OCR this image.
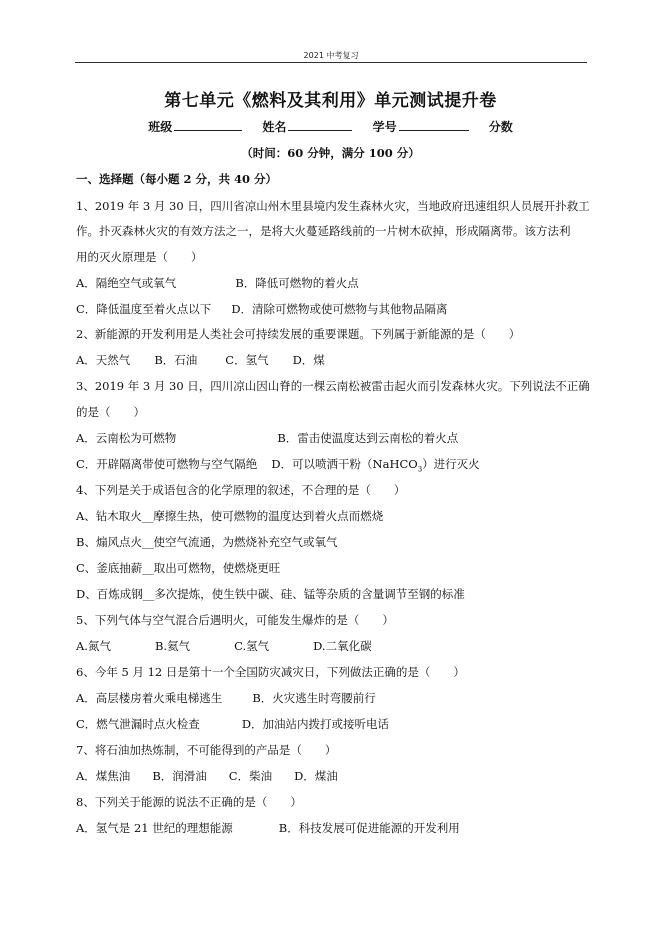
2021 中考复习
第七单元《燃料及其利用》单元测试提升卷
班级	姓名	学号	分数
（时间：60 分钟，满分 100 分）
一、选择题（每小题 2 分，共 40 分）
1、2019 年 3 月 30 日，四川省凉山州木里县境内发生森林火灾，当地政府迅速组织人员展开扑救工
作。扑灭森林火灾的有效方法之一，是将大火蔓延路线前的一片树木砍掉，形成隔离带。该方法利
用的灭火原理是（　　）
A．隔绝空气或氧气	B．降低可燃物的着火点
C．降低温度至着火点以下 D．清除可燃物或使可燃物与其他物品隔离
2、新能源的开发利用是人类社会可持续发展的重要课题。下列属于新能源的是（　　）
A．天然气 B．石油 C．氢气 D．煤
3、2019 年 3 月 30 日，四川凉山因山脊的一棵云南松被雷击起火而引发森林火灾。下列说法不正确
的是（　　）
A．云南松为可燃物	B．雷击使温度达到云南松的着火点
C．开辟隔离带使可燃物与空气隔绝 D．可以喷洒干粉（NaHCO$_3$）进行灭火
4、下列是关于成语包含的化学原理的叙述，不合理的是（　　）
A、钻木取火__摩擦生热，使可燃物的温度达到着火点而燃烧
B、煽风点火__使空气流通，为燃烧补充空气或氧气
C、釜底抽薪__取出可燃物，使燃烧更旺
D、百炼成钢__多次提炼，使生铁中碳、硅、锰等杂质的含量调节至钢的标准
5、下列气体与空气混合后遇明火，可能发生爆炸的是（　　）
A.氮气	B.氦气	C.氢气	D.二氧化碳
6、今年 5 月 12 日是第十一个全国防灾减灾日，下列做法正确的是（　　）
A．高层楼房着火乘电梯逃生	B．火灾逃生时弯腰前行
C．燃气泄漏时点火检查	D．加油站内拨打或接听电话
7、将石油加热炼制，不可能得到的产品是（　　）
A．煤焦油 B．润滑油 C．柴油 D．煤油
8、下列关于能源的说法不正确的是（　　）
A．氢气是 21 世纪的理想能源	B．科技发展可促进能源的开发利用
